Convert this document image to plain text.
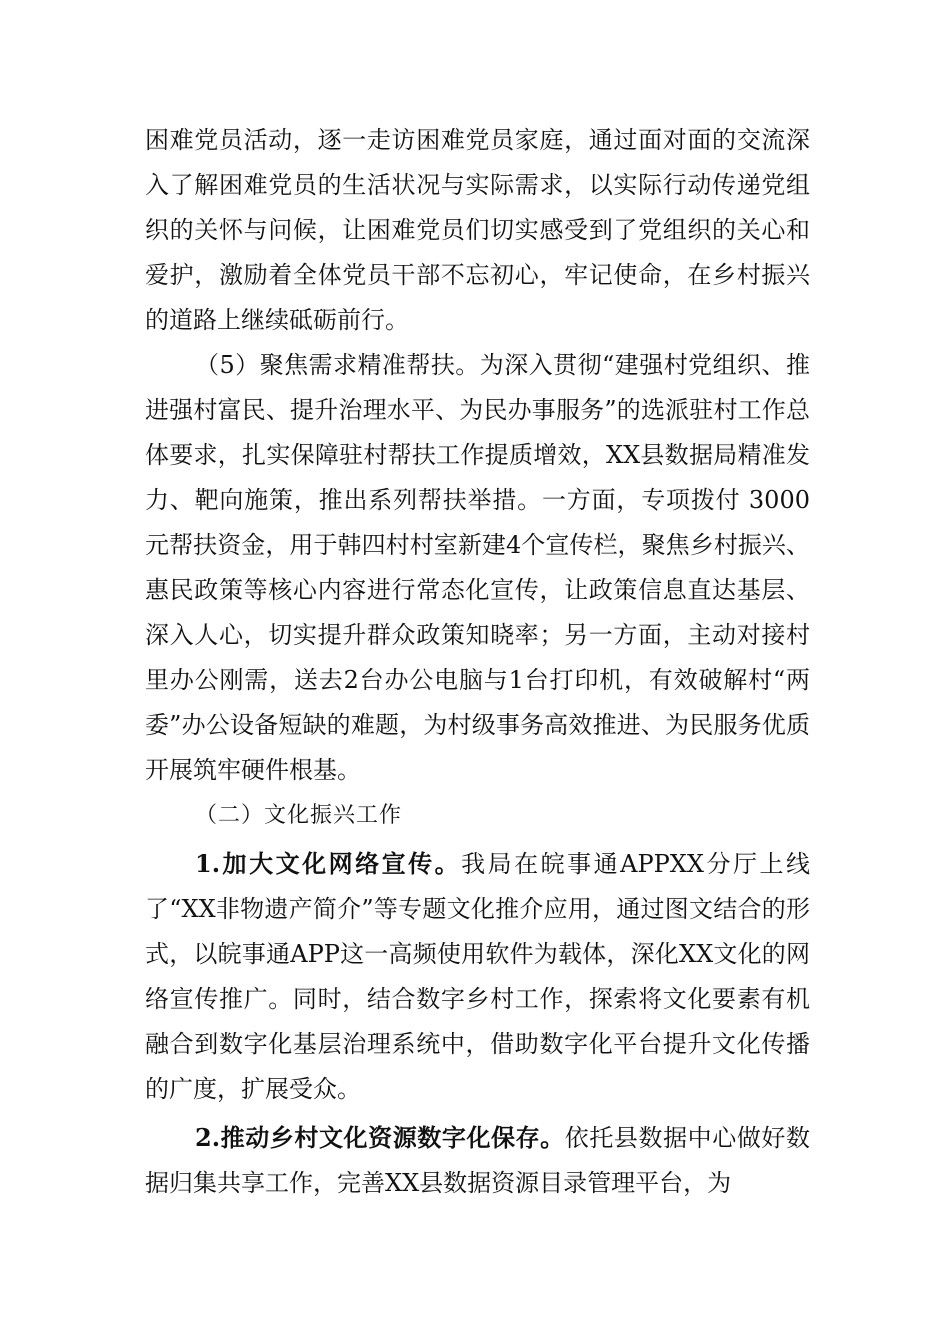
困难党员活动，逐一走访困难党员家庭，通过面对面的交流深入了解困难党员的生活状况与实际需求，以实际行动传递党组织的关怀与问候，让困难党员们切实感受到了党组织的关心和爱护，激励着全体党员干部不忘初心，牢记使命，在乡村振兴的道路上继续砥砺前行。

（5）聚焦需求精准帮扶。为深入贯彻“建强村党组织、推进强村富民、提升治理水平、为民办事服务”的选派驻村工作总体要求，扎实保障驻村帮扶工作提质增效，XX县数据局精准发力、靶向施策，推出系列帮扶举措。一方面，专项拨付 3000元帮扶资金，用于韩四村村室新建4个宣传栏，聚焦乡村振兴、惠民政策等核心内容进行常态化宣传，让政策信息直达基层、深入人心，切实提升群众政策知晓率；另一方面，主动对接村里办公刚需，送去2台办公电脑与1台打印机，有效破解村“两委”办公设备短缺的难题，为村级事务高效推进、为民服务优质开展筑牢硬件根基。

（二）文化振兴工作

1.加大文化网络宣传。我局在皖事通APPXX分厅上线了“XX非物遗产简介”等专题文化推介应用，通过图文结合的形式，以皖事通APP这一高频使用软件为载体，深化XX文化的网络宣传推广。同时，结合数字乡村工作，探索将文化要素有机融合到数字化基层治理系统中，借助数字化平台提升文化传播的广度，扩展受众。

2.推动乡村文化资源数字化保存。依托县数据中心做好数据归集共享工作，完善XX县数据资源目录管理平台，为
